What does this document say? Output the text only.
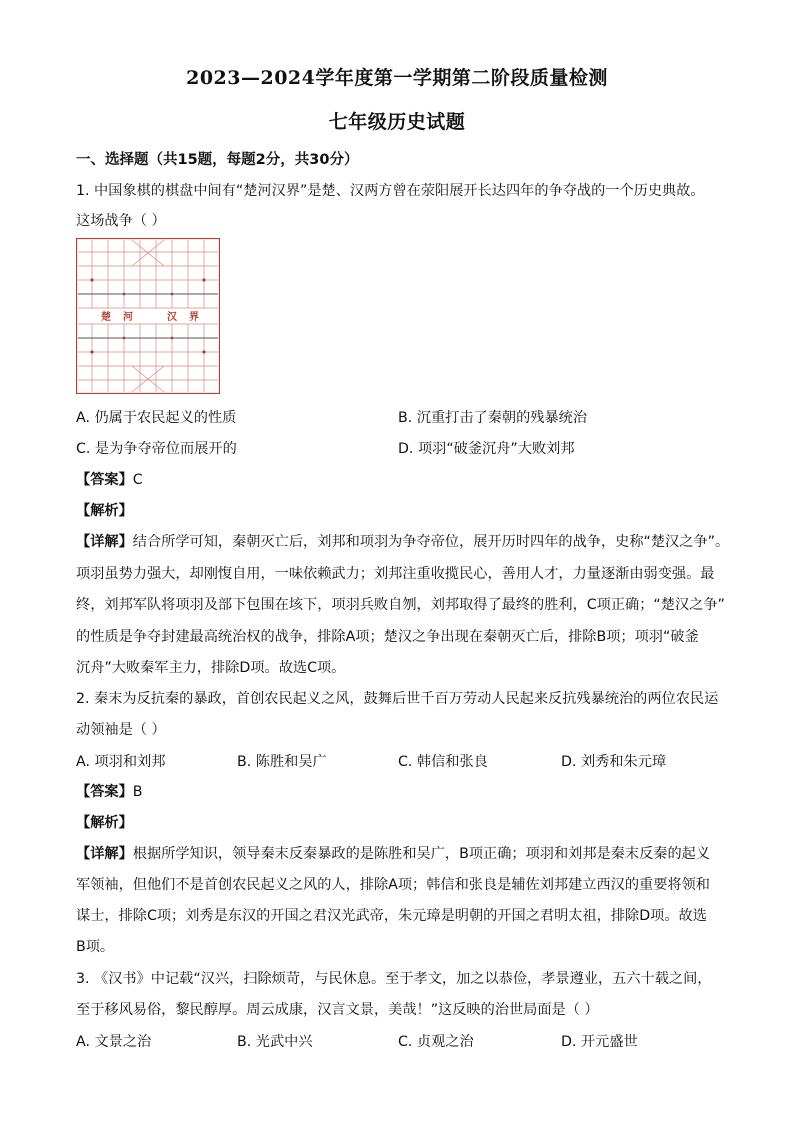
2023—2024学年度第一学期第二阶段质量检测
七年级历史试题
一、选择题（共15题，每题2分，共30分）
1. 中国象棋的棋盘中间有“楚河汉界”是楚、汉两方曾在荥阳展开长达四年的争夺战的一个历史典故。
这场战争（ ）
楚 河	汉 界
A. 仍属于农民起义的性质	B. 沉重打击了秦朝的残暴统治
C. 是为争夺帝位而展开的	D. 项羽“破釜沉舟”大败刘邦
【答案】C
【解析】
【详解】结合所学可知，秦朝灭亡后，刘邦和项羽为争夺帝位，展开历时四年的战争，史称“楚汉之争”。
项羽虽势力强大，却刚愎自用，一味依赖武力；刘邦注重收揽民心，善用人才，力量逐渐由弱变强。最
终，刘邦军队将项羽及部下包围在垓下，项羽兵败自刎，刘邦取得了最终的胜利，C项正确；“楚汉之争”
的性质是争夺封建最高统治权的战争，排除A项；楚汉之争出现在秦朝灭亡后，排除B项；项羽“破釜
沉舟”大败秦军主力，排除D项。故选C项。
2. 秦末为反抗秦的暴政，首创农民起义之风，鼓舞后世千百万劳动人民起来反抗残暴统治的两位农民运
动领袖是（ ）
A. 项羽和刘邦	B. 陈胜和吴广	C. 韩信和张良	D. 刘秀和朱元璋
【答案】B
【解析】
【详解】根据所学知识，领导秦末反秦暴政的是陈胜和吴广，B项正确；项羽和刘邦是秦末反秦的起义
军领袖，但他们不是首创农民起义之风的人，排除A项；韩信和张良是辅佐刘邦建立西汉的重要将领和
谋士，排除C项；刘秀是东汉的开国之君汉光武帝，朱元璋是明朝的开国之君明太祖，排除D项。故选
B项。
3. 《汉书》中记载“汉兴，扫除烦苛，与民休息。至于孝文，加之以恭俭，孝景遵业，五六十载之间，
至于移风易俗，黎民醇厚。周云成康，汉言文景，美哉！”这反映的治世局面是（ ）
A. 文景之治	B. 光武中兴	C. 贞观之治	D. 开元盛世
